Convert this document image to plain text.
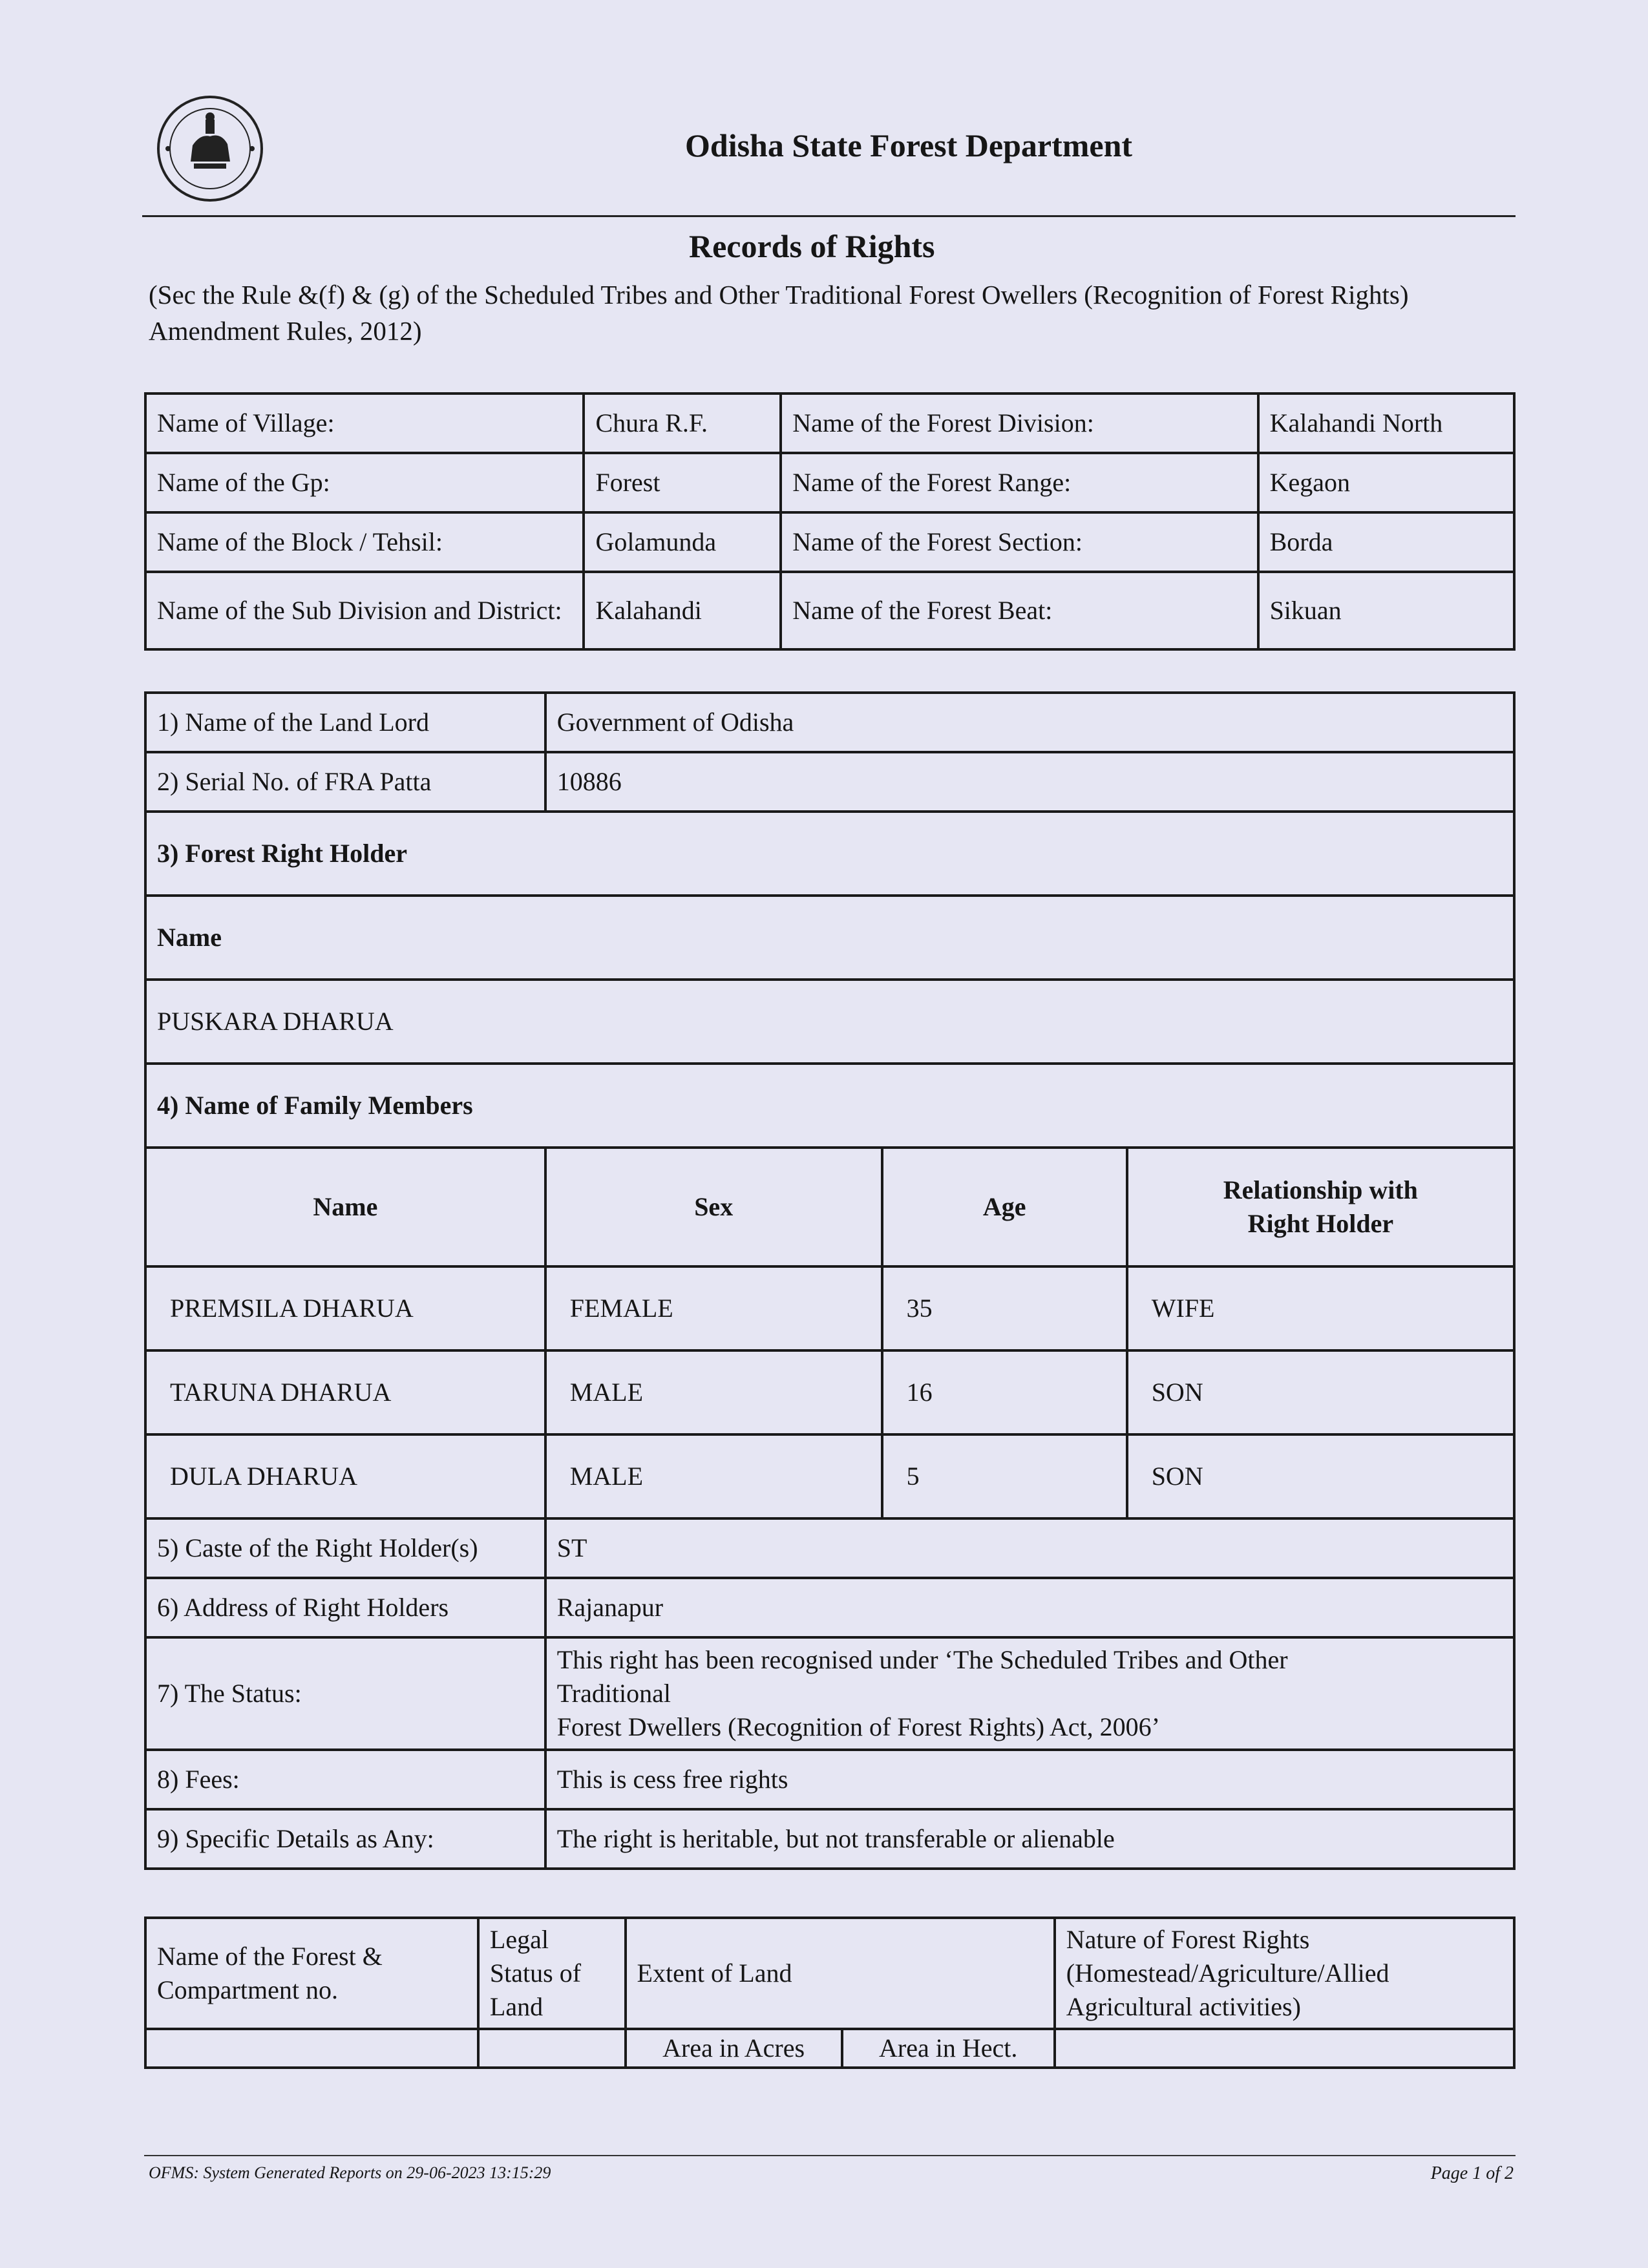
Odisha State Forest Department
Records of Rights
(Sec the Rule &(f) & (g) of the Scheduled Tribes and Other Traditional Forest Owellers (Recognition of Forest Rights) Amendment Rules, 2012)
Name of Village:	Chura R.F.	Name of the Forest Division:	Kalahandi North
Name of the Gp:	Forest	Name of the Forest Range:	Kegaon
Name of the Block / Tehsil:	Golamunda	Name of the Forest Section:	Borda
Name of the Sub Division and District:	Kalahandi	Name of the Forest Beat:	Sikuan
1) Name of the Land Lord	Government of Odisha		
2) Serial No. of FRA Patta	10886		
3) Forest Right Holder			
Name			
PUSKARA DHARUA			
4) Name of Family Members			
Name	Sex	Age	Relationship with Right Holder
PREMSILA DHARUA	FEMALE	35	WIFE
TARUNA DHARUA	MALE	16	SON
DULA DHARUA	MALE	5	SON
5) Caste of the Right Holder(s)	ST		
6) Address of Right Holders	Rajanapur		
7) The Status:	This right has been recognised under ‘The Scheduled Tribes and Other
Traditional
Forest Dwellers (Recognition of Forest Rights) Act, 2006’		

8) Fees:	This is cess free rights		
9) Specific Details as Any:	The right is heritable, but not transferable or alienable		
Name of the Forest & Compartment no.	Legal Status of Land	Extent of Land		Nature of Forest Rights (Homestead/Agriculture/Allied Agricultural activities)
		Area in Acres	Area in Hect.	
OFMS: System Generated Reports on 29-06-2023 13:15:29	Page 1 of 2
